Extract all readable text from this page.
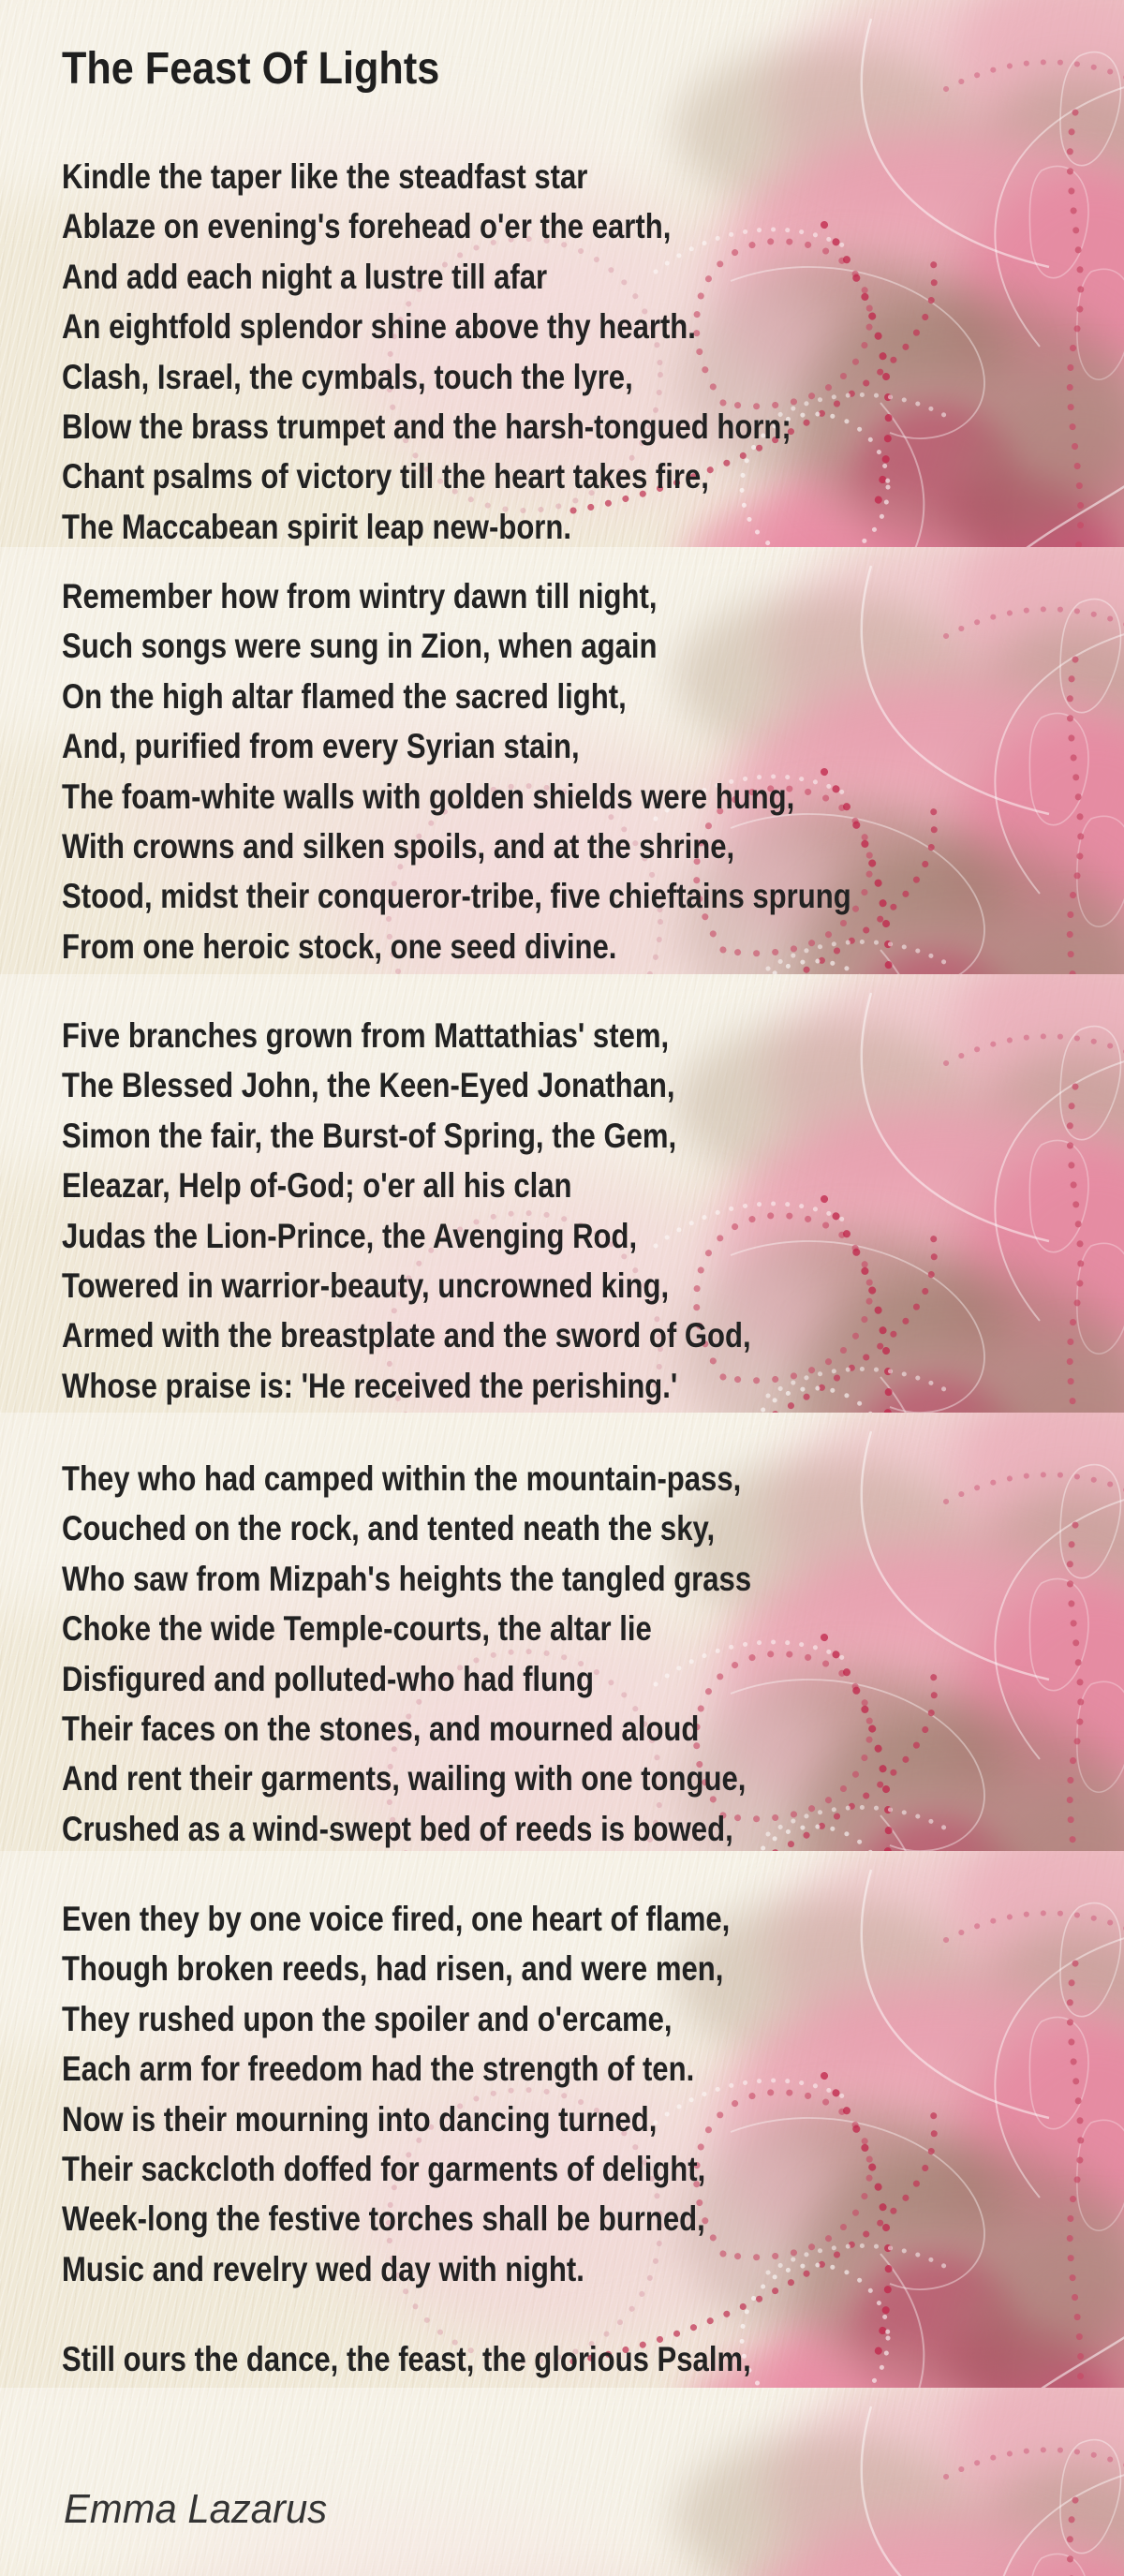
The Feast Of Lights
Kindle the taper like the steadfast star
Ablaze on evening's forehead o'er the earth,
And add each night a lustre till afar
An eightfold splendor shine above thy hearth.
Clash, Israel, the cymbals, touch the lyre,
Blow the brass trumpet and the harsh-tongued horn;
Chant psalms of victory till the heart takes fire,
The Maccabean spirit leap new-born.
Remember how from wintry dawn till night,
Such songs were sung in Zion, when again
On the high altar flamed the sacred light,
And, purified from every Syrian stain,
The foam-white walls with golden shields were hung,
With crowns and silken spoils, and at the shrine,
Stood, midst their conqueror-tribe, five chieftains sprung
From one heroic stock, one seed divine.
Five branches grown from Mattathias' stem,
The Blessed John, the Keen-Eyed Jonathan,
Simon the fair, the Burst-of Spring, the Gem,
Eleazar, Help of-God; o'er all his clan
Judas the Lion-Prince, the Avenging Rod,
Towered in warrior-beauty, uncrowned king,
Armed with the breastplate and the sword of God,
Whose praise is: 'He received the perishing.'
They who had camped within the mountain-pass,
Couched on the rock, and tented neath the sky,
Who saw from Mizpah's heights the tangled grass
Choke the wide Temple-courts, the altar lie
Disfigured and polluted-who had flung
Their faces on the stones, and mourned aloud
And rent their garments, wailing with one tongue,
Crushed as a wind-swept bed of reeds is bowed,
Even they by one voice fired, one heart of flame,
Though broken reeds, had risen, and were men,
They rushed upon the spoiler and o'ercame,
Each arm for freedom had the strength of ten.
Now is their mourning into dancing turned,
Their sackcloth doffed for garments of delight,
Week-long the festive torches shall be burned,
Music and revelry wed day with night.
Still ours the dance, the feast, the glorious Psalm,
Emma Lazarus
